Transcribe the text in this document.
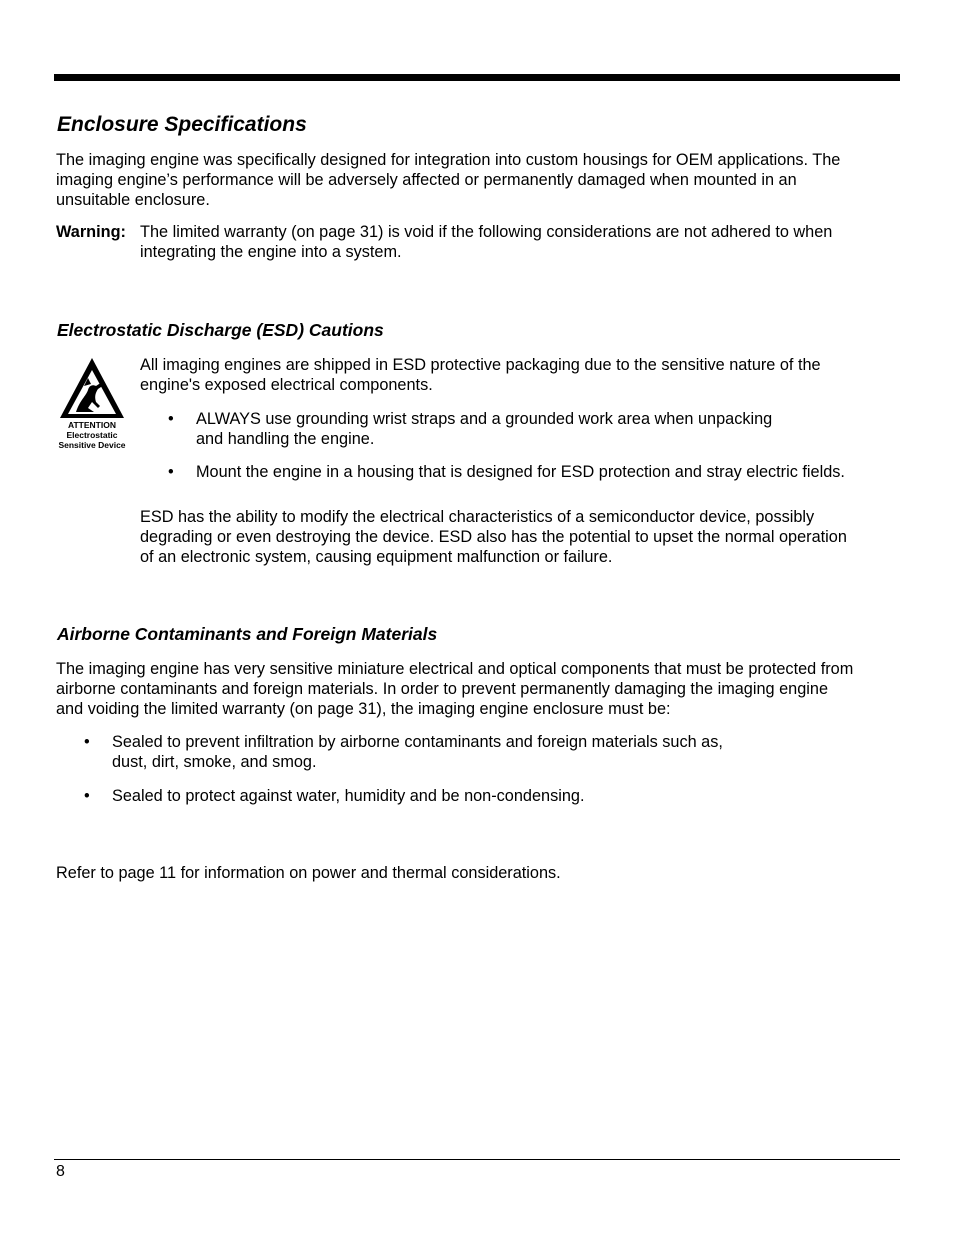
Enclosure Specifications

The imaging engine was specifically designed for integration into custom housings for OEM applications. The
imaging engine’s performance will be adversely affected or permanently damaged when mounted in an
unsuitable enclosure.

Warning: The limited warranty (on page 31) is void if the following considerations are not adhered to when
integrating the engine into a system.

Electrostatic Discharge (ESD) Cautions
ATTENTION
Electrostatic
Sensitive Device

All imaging engines are shipped in ESD protective packaging due to the sensitive nature of the
engine's exposed electrical components.

• ALWAYS use grounding wrist straps and a grounded work area when unpacking
and handling the engine.
• Mount the engine in a housing that is designed for ESD protection and stray electric fields.

ESD has the ability to modify the electrical characteristics of a semiconductor device, possibly
degrading or even destroying the device. ESD also has the potential to upset the normal operation
of an electronic system, causing equipment malfunction or failure.

Airborne Contaminants and Foreign Materials

The imaging engine has very sensitive miniature electrical and optical components that must be protected from
airborne contaminants and foreign materials. In order to prevent permanently damaging the imaging engine
and voiding the limited warranty (on page 31), the imaging engine enclosure must be:

• Sealed to prevent infiltration by airborne contaminants and foreign materials such as,
dust, dirt, smoke, and smog.
• Sealed to protect against water, humidity and be non-condensing.

Refer to page 11 for information on power and thermal considerations.

8
